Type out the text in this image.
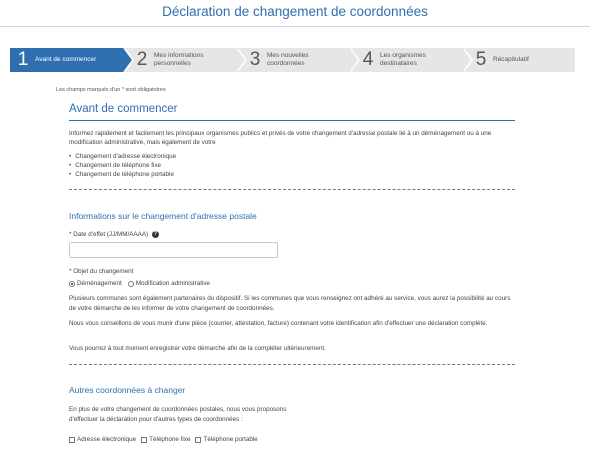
Déclaration de changement de coordonnées
1	Avant de commencer	2	Mes informations personnelles	3	Mes nouvelles coordonnées	4	Les organismes destinataires	5	Récapitulatif
Les champs marqués d'un * sont obligatoires
Avant de commencer

Informez rapidement et facilement les principaux organismes publics et privés de votre changement d'adresse postale lié à un déménagement ou à une modification administrative, mais également de votre

• Changement d'adresse électronique
• Changement de téléphone fixe
• Changement de téléphone portable
Informations sur le changement d'adresse postale
* Date d'effet (JJ/MM/AAAA) ?
* Objet du changement
Déménagement Modification administrative

Plusieurs communes sont également partenaires du dispositif. Si les communes que vous renseignez ont adhéré au service, vous aurez la possibilité au cours de votre démarche de les informer de votre changement de coordonnées.

Nous vous conseillons de vous munir d'une pièce (courrier, attestation, facture) contenant votre identification afin d'effectuer une déclaration complète.

Vous pourrez à tout moment enregistrer votre démarche afin de la compléter ultérieurement.

Autres coordonnées à changer

En plus de votre changement de coordonnées postales, nous vous proposons d'effectuer la déclaration pour d'autres types de coordonnées :

Adresse électronique Téléphone fixe Téléphone portable
